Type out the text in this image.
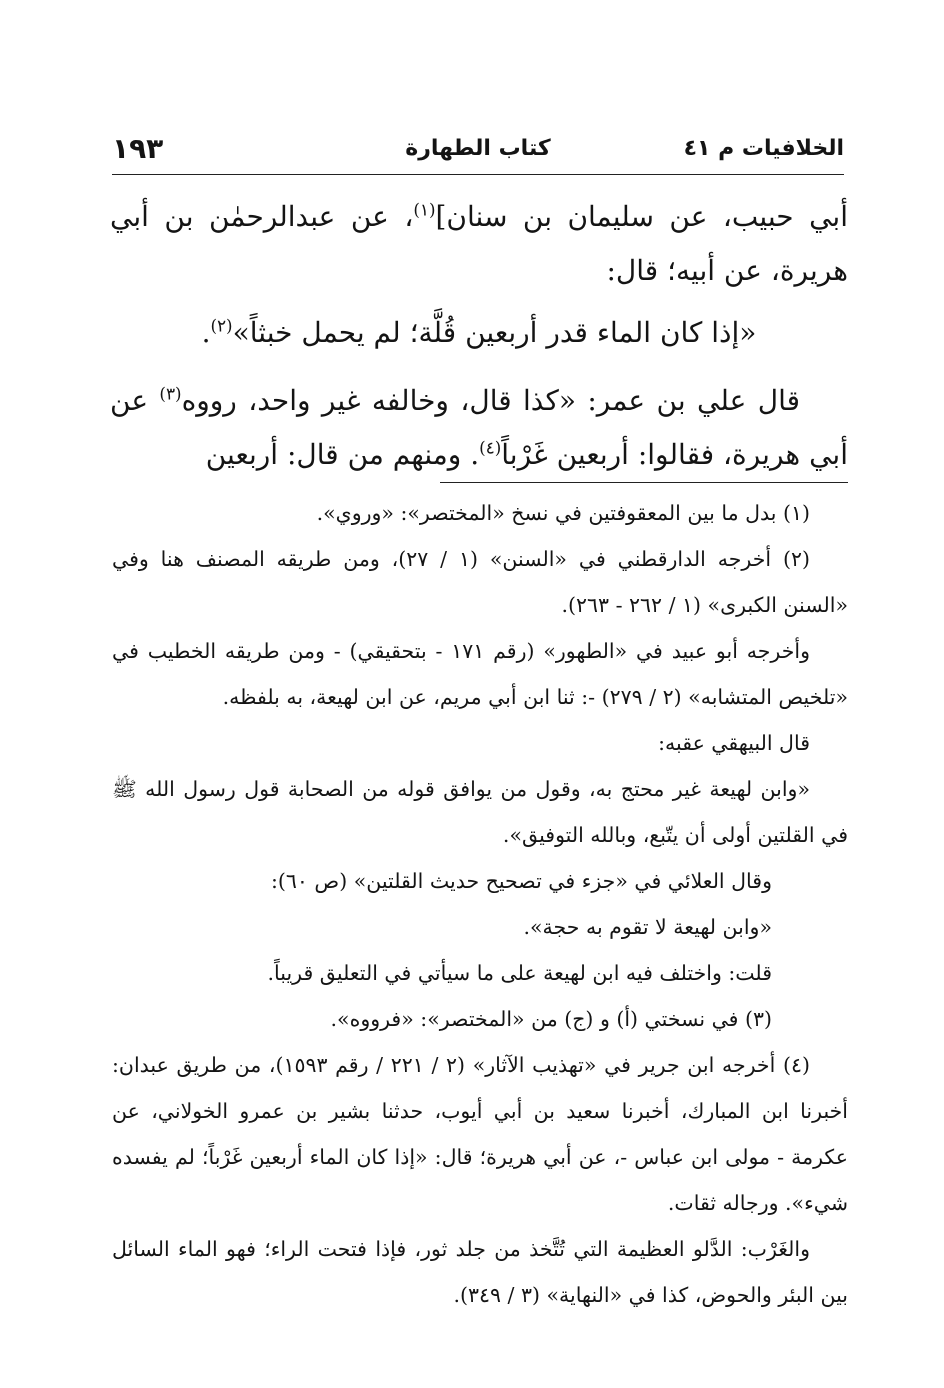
١٩٣	كتاب الطهارة	الخلافيات م ٤١

أبي حبيب، عن سليمان بن سنان]$^{(١)}$، عن عبدالرحمٰن بن أبي هريرة، عن أبيه؛ قال:

«إذا كان الماء قدر أربعين قُلَّة؛ لم يحمل خبثاً»$^{(٢)}$.

قال علي بن عمر: «كذا قال، وخالفه غير واحد، رووه$^{(٣)}$ عن أبي هريرة، فقالوا: أربعين غَرْباً$^{(٤)}$. ومنهم من قال: أربعين

(١) بدل ما بين المعقوفتين في نسخ «المختصر»: «وروي».

(٢) أخرجه الدارقطني في «السنن» (١ / ٢٧)، ومن طريقه المصنف هنا وفي «السنن الكبرى» (١ / ٢٦٢ - ٢٦٣).

وأخرجه أبو عبيد في «الطهور» (رقم ١٧١ - بتحقيقي) - ومن طريقه الخطيب في «تلخيص المتشابه» (٢ / ٢٧٩) -: ثنا ابن أبي مريم، عن ابن لهيعة، به بلفظه.

قال البيهقي عقبه:

«وابن لهيعة غير محتج به، وقول من يوافق قوله من الصحابة قول رسول الله ﷺ في القلتين أولى أن يتّبع، وبالله التوفيق».

وقال العلائي في «جزء في تصحيح حديث القلتين» (ص ٦٠):

«وابن لهيعة لا تقوم به حجة».

قلت: واختلف فيه ابن لهيعة على ما سيأتي في التعليق قريباً.

(٣) في نسختي (أ) و (ج) من «المختصر»: «فرووه».

(٤) أخرجه ابن جرير في «تهذيب الآثار» (٢ / ٢٢١ / رقم ١٥٩٣)، من طريق عبدان: أخبرنا ابن المبارك، أخبرنا سعيد بن أبي أيوب، حدثنا بشير بن عمرو الخولاني، عن عكرمة - مولى ابن عباس -، عن أبي هريرة؛ قال: «إذا كان الماء أربعين غَرْباً؛ لم يفسده شيء». ورجاله ثقات.

والغَرْب: الدَّلو العظيمة التي تُتَّخذ من جلد ثور، فإذا فتحت الراء؛ فهو الماء السائل بين البئر والحوض، كذا في «النهاية» (٣ / ٣٤٩).
